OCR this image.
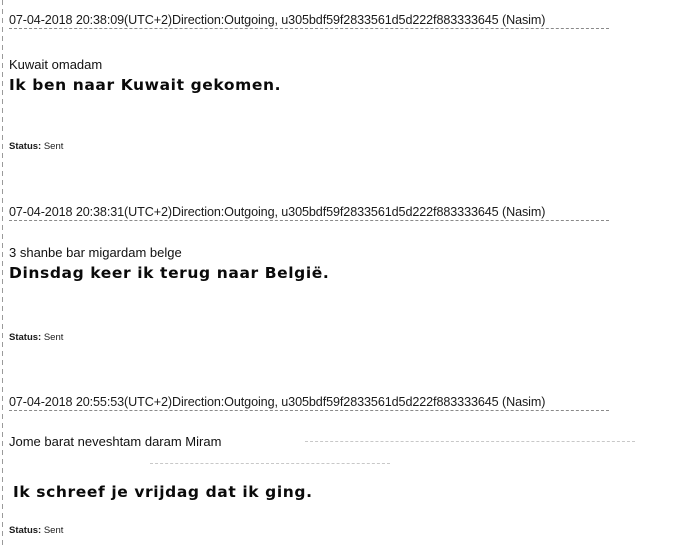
07-04-2018 20:38:09(UTC+2)Direction:Outgoing, u305bdf59f2833561d5d222f883333645 (Nasim)
Kuwait omadam
Ik ben naar Kuwait gekomen.
Status: Sent
07-04-2018 20:38:31(UTC+2)Direction:Outgoing, u305bdf59f2833561d5d222f883333645 (Nasim)
3 shanbe bar migardam belge
Dinsdag keer ik terug naar België.
Status: Sent
07-04-2018 20:55:53(UTC+2)Direction:Outgoing, u305bdf59f2833561d5d222f883333645 (Nasim)
Jome barat neveshtam daram Miram
Ik schreef je vrijdag dat ik ging.
Status: Sent
